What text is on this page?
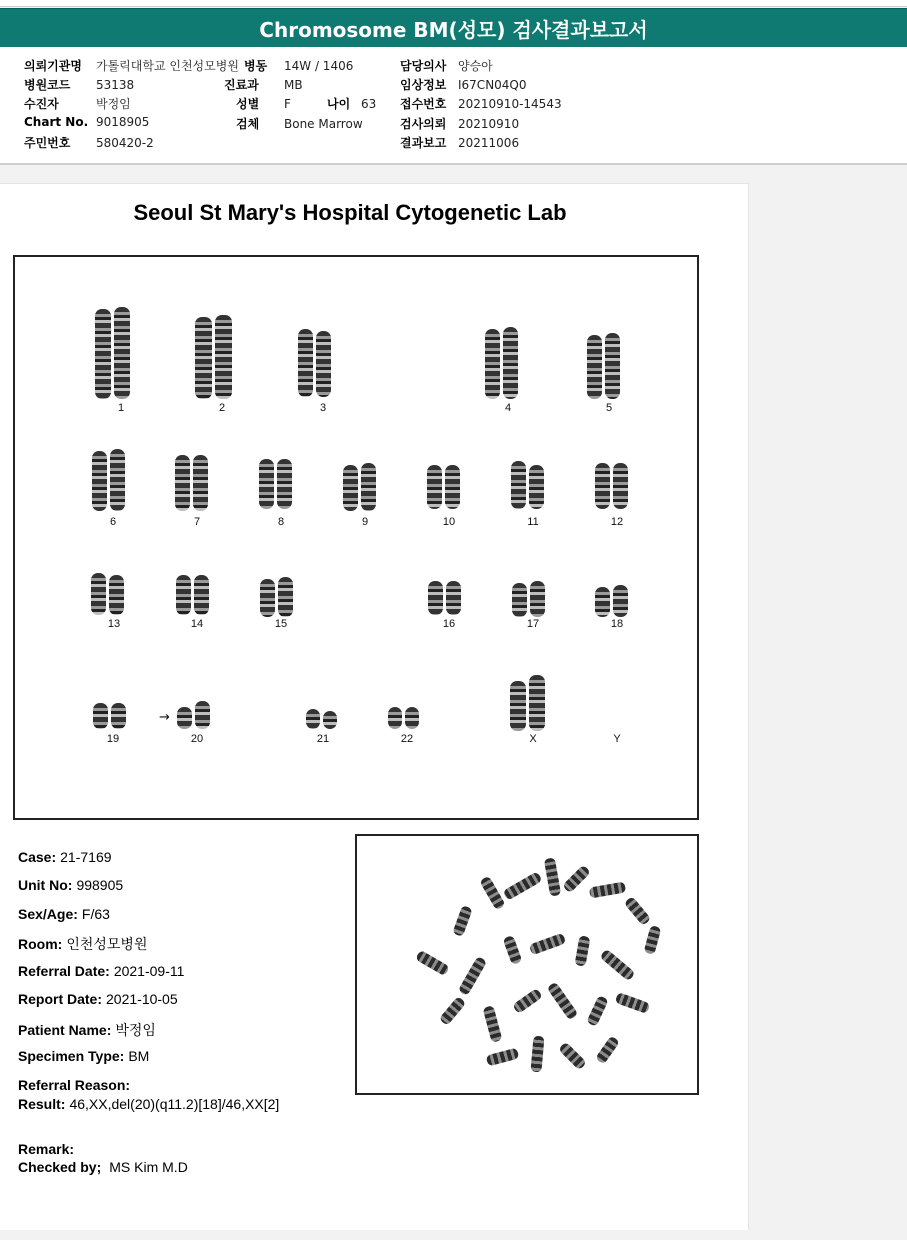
Chromosome BM(성모) 검사결과보고서
의뢰기관명 가톨릭대학교 인천성모병원
병원코드 53138
수진자	박정임
Chart No. 9018905
주민번호 580420-2
병동 14W / 1406
진료과 MB
성별 F	나이 63
검체 Bone Marrow
담당의사 양승아
임상정보 I67CN04Q0
접수번호 20210910-14543
검사의뢰 20210910
결과보고 20211006
Seoul St Mary's Hospital Cytogenetic Lab
→
1	2	3	4	5
6	7	8	9	10	11	12
13	14	15	16	17	18
19	20	21	22	X	Y
Case: 21-7169
Unit No: 998905
Sex/Age: F/63
Room: 인천성모병원
Referral Date: 2021-09-11
Report Date: 2021-10-05
Patient Name: 박정임
Specimen Type: BM
Referral Reason:
Result: 46,XX,del(20)(q11.2)[18]/46,XX[2]
Remark:
Checked by; MS Kim M.D
